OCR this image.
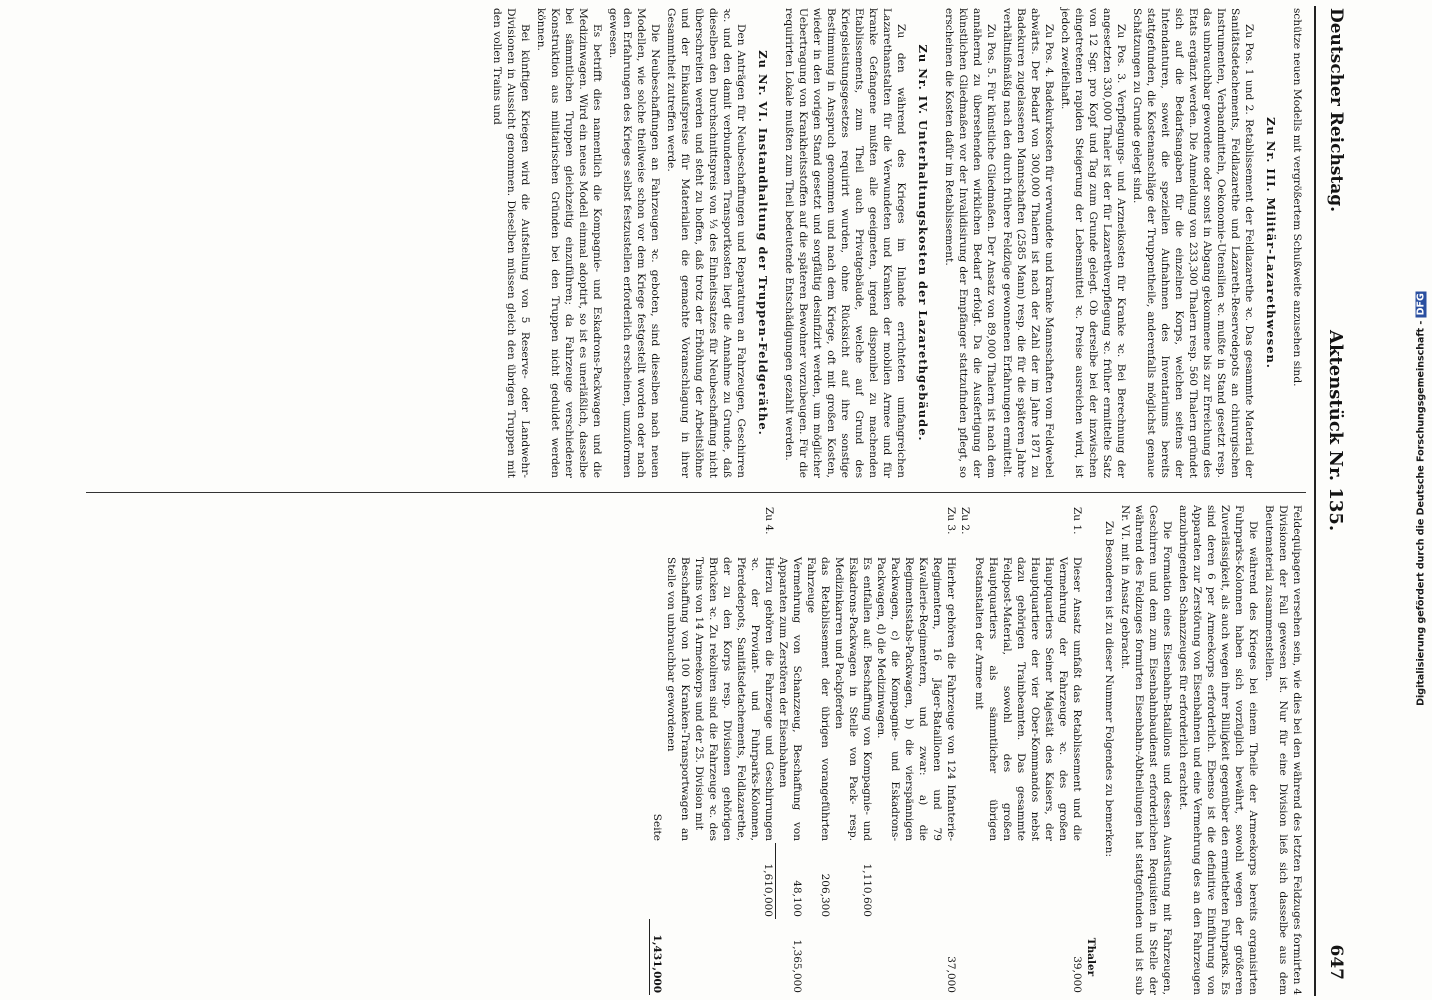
Deutscher Reichstag.
Aktenstück Nr. 135.
647

schütze neuen Modells mit vergrößertem Schußweite anzusehen sind.

Zu Nr. III. Militär-Lazarethwesen.

Zu Pos. 1 und 2. Retablissement der Feldlazarethe ꝛc. Das gesammte Material der Sanitätsdetachements, Feldlazarethe und Lazareth-Reservedepots an chirurgischen Instrumenten, Verbandmitteln, Oekonomie-Utensilien ꝛc. mußte in Stand gesetzt resp. das unbrauchbar gewordene oder sonst in Abgang gekommene bis zur Erreichung des Etats ergänzt werden. Die Anmeldung von 233,300 Thalern resp. 560 Thalern gründet sich auf die Bedarfsangaben für die einzelnen Korps, welchen seitens der Intendanturen, soweit die speziellen Aufnahmen des Inventariums bereits stattgefunden, die Kostenanschläge der Truppentheile, anderenfalls möglichst genaue Schätzungen zu Grunde gelegt sind.

Zu Pos. 3. Verpflegungs- und Arzneikosten für Kranke ꝛc. Bei Berechnung der angesetzten 330,000 Thaler ist der für Lazarethverpflegung ꝛc. früher ermittelte Satz von 12 Sgr. pro Kopf und Tag zum Grunde gelegt. Ob derselbe bei der inzwischen eingetretenen rapiden Steigerung der Lebensmittel ꝛc. Preise ausreichen wird, ist jedoch zweifelhaft.

Zu Pos. 4. Badekurkosten für verwundete und kranke Mannschaften vom Feldwebel abwärts. Der Bedarf von 300,000 Thalern ist nach der Zahl der im Jahre 1871 zu Badekuren zugelassenen Mannschaften (2585 Mann) resp. die für die späteren Jahre verhältnißmäßig nach den durch frühere Feldzüge gewonnenen Erfahrungen ermittelt.

Zu Pos. 5. Für künstliche Gliedmaßen. Der Ansatz von 89,000 Thalern ist nach dem annähernd zu übersehenden wirklichen Bedarf erfolgt. Da die Ausfertigung der künstlichen Gliedmaßen vor der Invalidisirung der Empfänger stattzufinden pflegt, so erscheinen die Kosten dafür im Retablissement.

Zu Nr. IV. Unterhaltungskosten der Lazarethgebäude.

Zu den während des Krieges im Inlande errichteten umfangreichen Lazarethanstalten für die Verwundeten und Kranken der mobilen Armee und für kranke Gefangene mußten alle geeigneten, irgend disponibel zu machenden Etablissements, zum Theil auch Privatgebäude, welche auf Grund des Kriegsleistungsgesetzes requirirt wurden, ohne Rücksicht auf ihre sonstige Bestimmung in Anspruch genommen und nach dem Kriege, oft mit großen Kosten, wieder in den vorigen Stand gesetzt und sorgfältig desinfizirt werden, um möglicher Uebertragung von Krankheitsstoffen auf die späteren Bewohner vorzubeugen. Für die requirirten Lokale mußten zum Theil bedeutende Entschädigungen gezahlt werden.

Zu Nr. VI. Instandhaltung der Truppen-Feldgeräthe.

Den Anträgen für Neubeschaffungen und Reparaturen an Fahrzeugen, Geschirren ꝛc. und den damit verbundenen Transportkosten liegt die Annahme zu Grunde, daß dieselben den Durchschnittspreis von ⅓ des Einheitssatzes für Neubeschaffung nicht überschreiten werden und steht zu hoffen, daß trotz der Erhöhung der Arbeitslöhne und der Einkaufspreise für Materialien die gemachte Voranschlagung in ihrer Gesammtheit zutreffen werde.

Die Neubeschaffungen an Fahrzeugen ꝛc. geboten, sind dieselben nach neuen Modellen, wie solche theilweise schon vor dem Kriege festgestellt worden oder nach den Erfahrungen des Krieges selbst festzustellen erforderlich erscheinen, umzuformen gewesen.

Es betrifft dies namentlich die Kompagnie- und Eskadrons-Packwagen und die Medizinwagen. Wird ein neues Modell einmal adoptirt, so ist es unerläßlich, dasselbe bei sämmtlichen Truppen gleichzeitig einzuführen; da Fahrzeuge verschiedener Konstruktion aus militairischen Gründen bei den Truppen nicht geduldet werden können.

Bei künftigen Kriegen wird die Aufstellung von 5 Reserve- oder Landwehr-Divisionen in Aussicht genommen. Dieselben müssen gleich den übrigen Truppen mit den vollen Trains und

Feldequipagen versehen sein, wie dies bei den während des letzten Feldzuges formirten 4 Divisionen der Fall gewesen ist. Nur für eine Division ließ sich dasselbe aus dem Beutematerial zusammenstellen.

Die während des Krieges bei einem Theile der Armeekorps bereits organisirten Fuhrparks-Kolonnen haben sich vorzüglich bewährt, sowohl wegen der größeren Zuverlässigkeit, als auch wegen ihrer Billigkeit gegenüber den ermietheten Fuhrparks. Es sind deren 6 per Armeekorps erforderlich. Ebenso ist die definitive Einführung von Apparaten zur Zerstörung von Eisenbahnen und eine Vermehrung des an den Fahrzeugen anzubringenden Schanzzeuges für erforderlich erachtet.

Die Formation eines Eisenbahn-Bataillons und dessen Ausrüstung mit Fahrzeugen, Geschirren und dem zum Eisenbahnbaudienst erforderlichen Requisiten in Stelle der während des Feldzuges formirten Eisenbahn-Abtheilungen hat stattgefunden und ist sub Nr. VI. mit in Ansatz gebracht.

Zu Besonderen ist zu dieser Nummer Folgendes zu bemerken:

			Thaler
Zu 1.	Dieser Ansatz umfaßt das Retablissement und die Vermehrung der Fahrzeuge ꝛc. des großen Hauptquartiers Seiner Majestät des Kaisers, der Hauptquartiere der vier Ober-Kommandos nebst dazu gehörigen Trainbeamten. Das gesammte Feldpost-Material, sowohl des großen Hauptquartiers als sämmtlicher übrigen Postanstalten der Armee mit		39,000
Zu 2.			
Zu 3.	Hierher gehören die Fahrzeuge von 124 Infanterie-Regimentern, 16 Jäger-Bataillonen und 79 Kavallerie-Regimentern, und zwar: a) die Regimentsstabs-Packwagen, b) die vierspännigen Packwagen, c) die Kompagnie- und Eskadrons-Packwagen, d) die Medizinwagen.		37,000
	Es entfallen auf: Beschaffung von Kompagnie- und Eskadrons-Packwagen in Stelle von Pack- resp. Medizinkarren und Packpferden	1,110,600	
	das Retablissement der übrigen vorangeführten Fahrzeuge	206,300	
	Vermehrung von Schanzzeug, Beschaffung von Apparaten zum Zerstören der Eisenbahnen	48,100	1,365,000
Zu 4.	Hierzu gehören die Fahrzeuge und Geschirrungen ꝛc. der Proviant- und Fuhrparks-Kolonnen, Pferdedepots, Sanitätsdetachements, Feldlazarethe, der zu den Korps resp. Divisionen gehörigen Brücken ꝛc. Zu rekoliren sind die Fahrzeuge ꝛc. des Trains von 14 Armeekorps und der 25. Division mit	1,610,000	
	Beschaffung von 100 Kranken-Transportwagen an Stelle von unbrauchbar gewordenen		
	Seite		1,431,000
Digitalisierung gefördert durch die Deutsche Forschungsgemeinschaft - DFG
